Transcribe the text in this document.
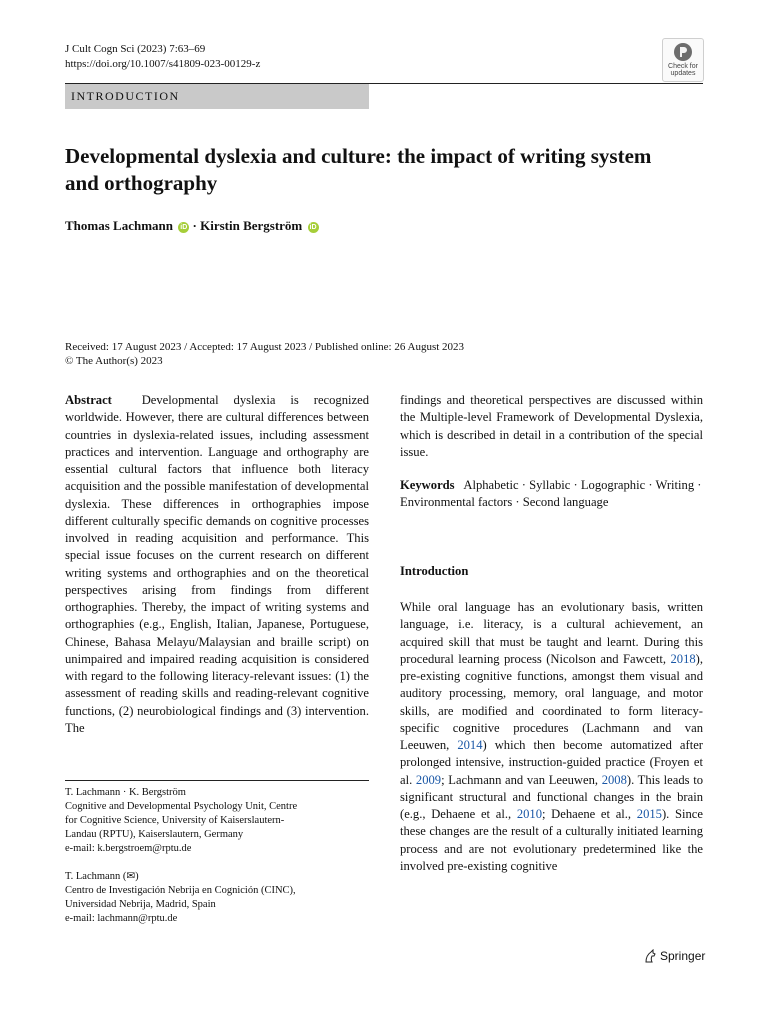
J Cult Cogn Sci (2023) 7:63–69
https://doi.org/10.1007/s41809-023-00129-z	Check for
updates
INTRODUCTION
Developmental dyslexia and culture: the impact of writing system and orthography
Thomas Lachmann iD · Kirstin Bergström iD
Received: 17 August 2023 / Accepted: 17 August 2023 / Published online: 26 August 2023
© The Author(s) 2023

Abstract Developmental dyslexia is recognized worldwide. However, there are cultural differences between countries in dyslexia-related issues, including assessment practices and intervention. Language and orthography are essential cultural factors that influence both literacy acquisition and the possible manifestation of developmental dyslexia. These differences in orthographies impose different culturally specific demands on cognitive processes involved in reading acquisition and performance. This special issue focuses on the current research on different writing systems and orthographies and on the theoretical perspectives arising from findings from different orthographies. Thereby, the impact of writing systems and orthographies (e.g., English, Italian, Japanese, Portuguese, Chinese, Bahasa Melayu/Malaysian and braille script) on unimpaired and impaired reading acquisition is considered with regard to the following literacy-relevant issues: (1) the assessment of reading skills and reading-relevant cognitive functions, (2) neurobiological findings and (3) intervention. The

findings and theoretical perspectives are discussed within the Multiple-level Framework of Developmental Dyslexia, which is described in detail in a contribution of the special issue.

Keywords Alphabetic · Syllabic · Logographic · Writing · Environmental factors · Second language

Introduction

While oral language has an evolutionary basis, written language, i.e. literacy, is a cultural achievement, an acquired skill that must be taught and learnt. During this procedural learning process (Nicolson and Fawcett, 2018), pre-existing cognitive functions, amongst them visual and auditory processing, memory, oral language, and motor skills, are modified and coordinated to form literacy-specific cognitive procedures (Lachmann and van Leeuwen, 2014) which then become automatized after prolonged intensive, instruction-guided practice (Froyen et al. 2009; Lachmann and van Leeuwen, 2008). This leads to significant structural and functional changes in the brain (e.g., Dehaene et al., 2010; Dehaene et al., 2015). Since these changes are the result of a culturally initiated learning process and are not evolutionary predetermined like the involved pre-existing cognitive

T. Lachmann · K. Bergström
Cognitive and Developmental Psychology Unit, Centre
for Cognitive Science, University of Kaiserslautern-
Landau (RPTU), Kaiserslautern, Germany
e-mail: k.bergstroem@rptu.de
T. Lachmann (✉)
Centro de Investigación Nebrija en Cognición (CINC),
Universidad Nebrija, Madrid, Spain
e-mail: lachmann@rptu.de
Springer
